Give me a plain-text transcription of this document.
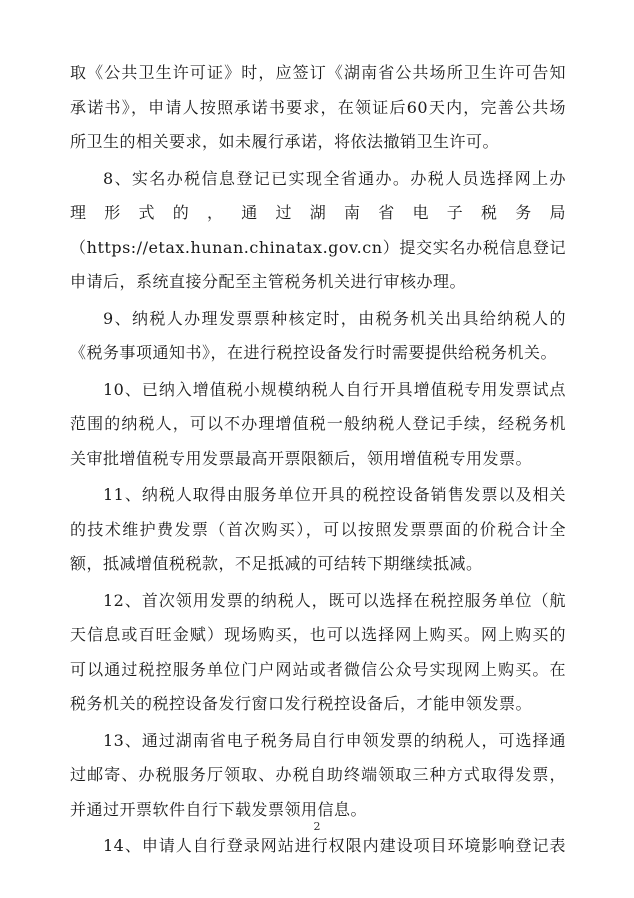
取《公共卫生许可证》时，应签订《湖南省公共场所卫生许可告知
承诺书》，申请人按照承诺书要求，在领证后60天内，完善公共场
所卫生的相关要求，如未履行承诺，将依法撤销卫生许可。
8、实名办税信息登记已实现全省通办。办税人员选择网上办
理形式的，通过湖南省电子税务局
（https://etax.hunan.chinatax.gov.cn）提交实名办税信息登记
申请后，系统直接分配至主管税务机关进行审核办理。
9、纳税人办理发票票种核定时，由税务机关出具给纳税人的
《税务事项通知书》，在进行税控设备发行时需要提供给税务机关。
10、已纳入增值税小规模纳税人自行开具增值税专用发票试点
范围的纳税人，可以不办理增值税一般纳税人登记手续，经税务机
关审批增值税专用发票最高开票限额后，领用增值税专用发票。
11、纳税人取得由服务单位开具的税控设备销售发票以及相关
的技术维护费发票（首次购买），可以按照发票票面的价税合计全
额，抵减增值税税款，不足抵减的可结转下期继续抵减。
12、首次领用发票的纳税人，既可以选择在税控服务单位（航
天信息或百旺金赋）现场购买，也可以选择网上购买。网上购买的
可以通过税控服务单位门户网站或者微信公众号实现网上购买。在
税务机关的税控设备发行窗口发行税控设备后，才能申领发票。
13、通过湖南省电子税务局自行申领发票的纳税人，可选择通
过邮寄、办税服务厅领取、办税自助终端领取三种方式取得发票，
并通过开票软件自行下载发票领用信息。
14、申请人自行登录网站进行权限内建设项目环境影响登记表
2
